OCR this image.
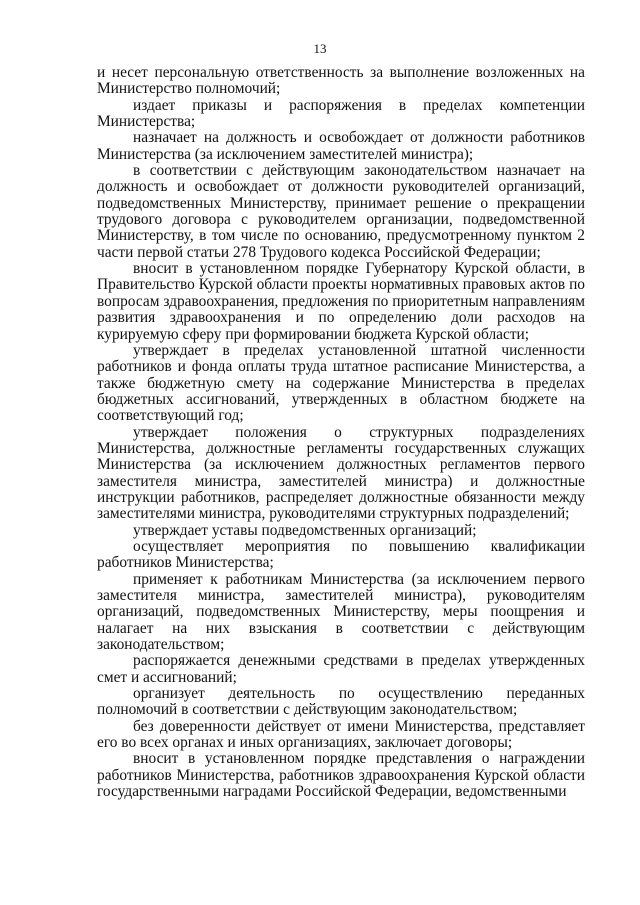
13

и несет персональную ответственность за выполнение возложенных на Министерство полномочий;

издает приказы и распоряжения в пределах компетенции Министерства;

назначает на должность и освобождает от должности работников Министерства (за исключением заместителей министра);

в соответствии с действующим законодательством назначает на должность и освобождает от должности руководителей организаций, подведомственных Министерству, принимает решение о прекращении трудового договора с руководителем организации, подведомственной Министерству, в том числе по основанию, предусмотренному пунктом 2 части первой статьи 278 Трудового кодекса Российской Федерации;

вносит в установленном порядке Губернатору Курской области, в Правительство Курской области проекты нормативных правовых актов по вопросам здравоохранения, предложения по приоритетным направлениям развития здравоохранения и по определению доли расходов на курируемую сферу при формировании бюджета Курской области;

утверждает в пределах установленной штатной численности работников и фонда оплаты труда штатное расписание Министерства, а также бюджетную смету на содержание Министерства в пределах бюджетных ассигнований, утвержденных в областном бюджете на соответствующий год;

утверждает положения о структурных подразделениях Министерства, должностные регламенты государственных служащих Министерства (за исключением должностных регламентов первого заместителя министра, заместителей министра) и должностные инструкции работников, распределяет должностные обязанности между заместителями министра, руководителями структурных подразделений;

утверждает уставы подведомственных организаций;

осуществляет мероприятия по повышению квалификации работников Министерства;

применяет к работникам Министерства (за исключением первого заместителя министра, заместителей министра), руководителям организаций, подведомственных Министерству, меры поощрения и налагает на них взыскания в соответствии с действующим законодательством;

распоряжается денежными средствами в пределах утвержденных смет и ассигнований;

организует деятельность по осуществлению переданных полномочий в соответствии с действующим законодательством;

без доверенности действует от имени Министерства, представляет его во всех органах и иных организациях, заключает договоры;

вносит в установленном порядке представления о награждении работников Министерства, работников здравоохранения Курской области государственными наградами Российской Федерации, ведомственными
